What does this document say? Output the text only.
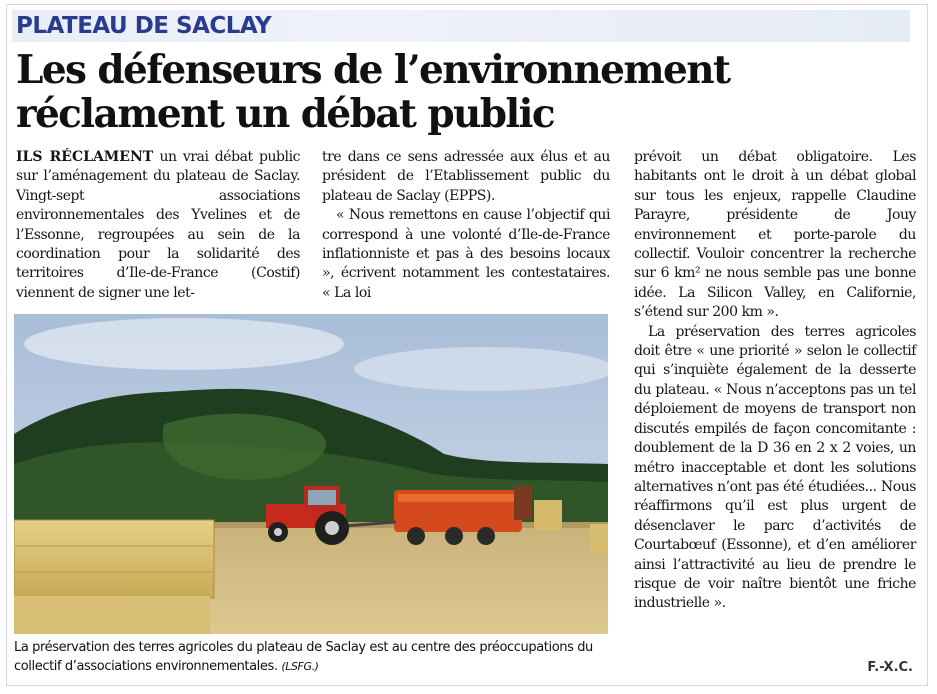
PLATEAU DE SACLAY
Les défenseurs de l’environnement
réclament un débat public

ILS RÉCLAMENT un vrai débat public sur l’aménagement du plateau de Saclay. Vingt-sept associations environnementales des Yvelines et de l’Essonne, regroupées au sein de la coordination pour la solidarité des territoires d’Ile-de-France (Costif) viennent de signer une let-

tre dans ce sens adressée aux élus et au président de l’Etablissement public du plateau de Saclay (EPPS).

« Nous remettons en cause l’objectif qui correspond à une volonté d’Ile-de-France inflationniste et pas à des besoins locaux », écrivent notamment les contestataires. « La loi

prévoit un débat obligatoire. Les habitants ont le droit à un débat global sur tous les enjeux, rappelle Claudine Parayre, présidente de Jouy environnement et porte-parole du collectif. Vouloir concentrer la recherche sur 6 km² ne nous semble pas une bonne idée. La Silicon Valley, en Californie, s’étend sur 200 km ».

La préservation des terres agricoles doit être « une priorité » selon le collectif qui s’inquiète également de la desserte du plateau. « Nous n’acceptons pas un tel déploiement de moyens de transport non discutés empilés de façon concomitante : doublement de la D 36 en 2 x 2 voies, un métro inacceptable et dont les solutions alternatives n’ont pas été étudiées... Nous réaffirmons qu’il est plus urgent de désenclaver le parc d’activités de Courtabœuf (Essonne), et d’en améliorer ainsi l’attractivité au lieu de prendre le risque de voir naître bientôt une friche industrielle ».

La préservation des terres agricoles du plateau de Saclay est au centre des préoccupations du collectif d’associations environnementales. (LSFG.)	F.-X.C.
